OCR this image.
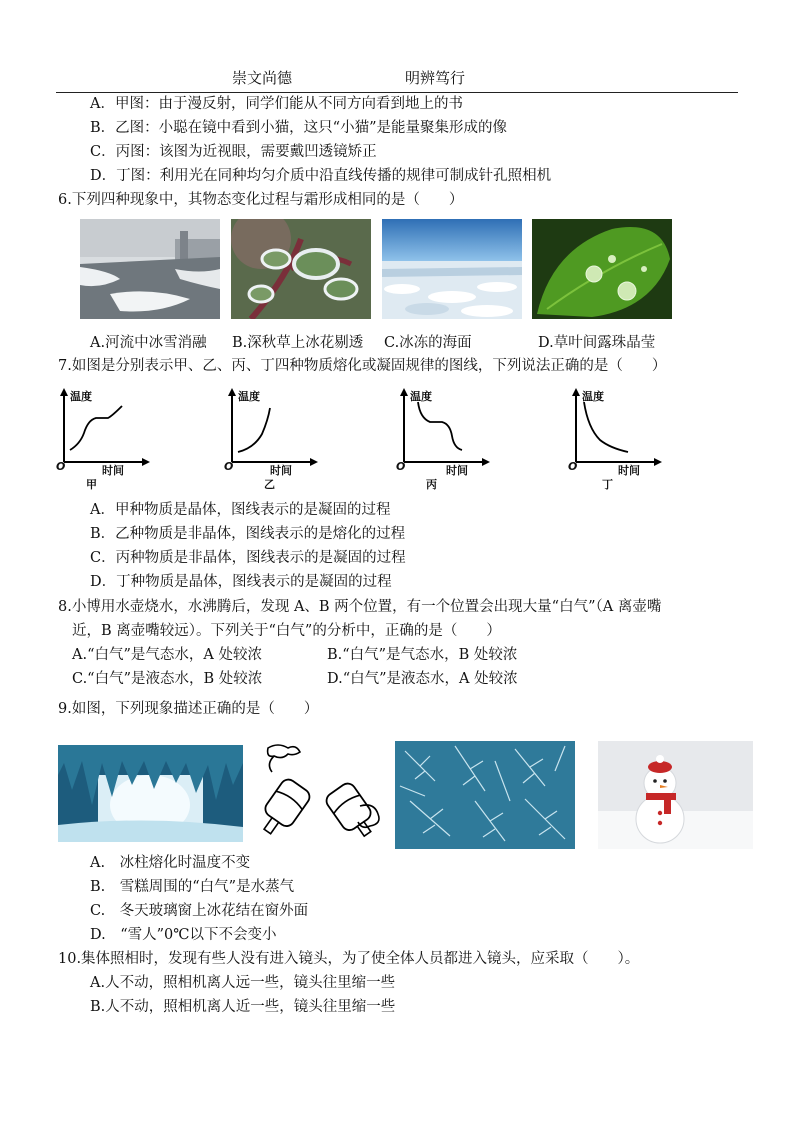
崇文尚德	明辨笃行
A．甲图：由于漫反射，同学们能从不同方向看到地上的书
B．乙图：小聪在镜中看到小猫，这只“小猫”是能量聚集形成的像
C．丙图：该图为近视眼，需要戴凹透镜矫正
D．丁图：利用光在同种均匀介质中沿直线传播的规律可制成针孔照相机
6.下列四种现象中，其物态变化过程与霜形成相同的是（　　）
A.河流中冰雪消融 B.深秋草上冰花剔透 C.冰冻的海面	D.草叶间露珠晶莹
7.如图是分别表示甲、乙、丙、丁四种物质熔化或凝固规律的图线，下列说法正确的是（　　）
温度
O	时间
甲
温度
O	时间
乙
温度
O	时间
丙
温度
O	时间
丁
A．甲种物质是晶体，图线表示的是凝固的过程
B．乙种物质是非晶体，图线表示的是熔化的过程
C．丙种物质是非晶体，图线表示的是凝固的过程
D．丁种物质是晶体，图线表示的是凝固的过程
8.小博用水壶烧水，水沸腾后，发现 A、B 两个位置，有一个位置会出现大量“白气”（A 离壶嘴
近，B 离壶嘴较远）。下列关于“白气”的分析中，正确的是（　　）
A.“白气”是气态水，A 处较浓	B.“白气”是气态水，B 处较浓
C.“白气”是液态水，B 处较浓	D.“白气”是液态水，A 处较浓
9.如图，下列现象描述正确的是（　　）
A.　冰柱熔化时温度不变
B.　雪糕周围的“白气”是水蒸气
C.　冬天玻璃窗上冰花结在窗外面
D.　“雪人”0℃以下不会变小
10.集体照相时，发现有些人没有进入镜头，为了使全体人员都进入镜头，应采取（　　）。
A.人不动，照相机离人远一些，镜头往里缩一些
B.人不动，照相机离人近一些，镜头往里缩一些
